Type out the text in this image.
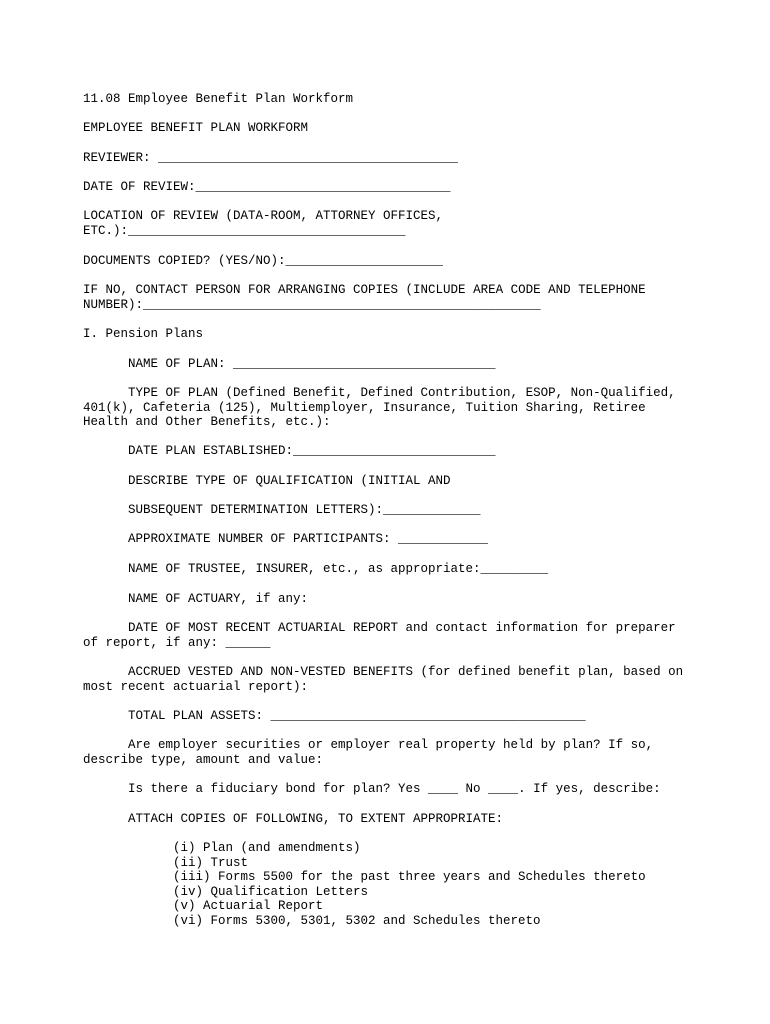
11.08 Employee Benefit Plan Workform

EMPLOYEE BENEFIT PLAN WORKFORM

REVIEWER: ________________________________________

DATE OF REVIEW:__________________________________

LOCATION OF REVIEW (DATA-ROOM, ATTORNEY OFFICES,

ETC.):_____________________________________

DOCUMENTS COPIED? (YES/NO):_____________________

IF NO, CONTACT PERSON FOR ARRANGING COPIES (INCLUDE AREA CODE AND TELEPHONE

NUMBER):_____________________________________________________

I. Pension Plans

NAME OF PLAN: ___________________________________

TYPE OF PLAN (Defined Benefit, Defined Contribution, ESOP, Non-Qualified,

401(k), Cafeteria (125), Multiemployer, Insurance, Tuition Sharing, Retiree

Health and Other Benefits, etc.):

DATE PLAN ESTABLISHED:___________________________

DESCRIBE TYPE OF QUALIFICATION (INITIAL AND

SUBSEQUENT DETERMINATION LETTERS):_____________

APPROXIMATE NUMBER OF PARTICIPANTS: ____________

NAME OF TRUSTEE, INSURER, etc., as appropriate:_________

NAME OF ACTUARY, if any:

DATE OF MOST RECENT ACTUARIAL REPORT and contact information for preparer

of report, if any: ______

ACCRUED VESTED AND NON-VESTED BENEFITS (for defined benefit plan, based on

most recent actuarial report):

TOTAL PLAN ASSETS: __________________________________________

Are employer securities or employer real property held by plan? If so,

describe type, amount and value:

Is there a fiduciary bond for plan? Yes ____ No ____. If yes, describe:

ATTACH COPIES OF FOLLOWING, TO EXTENT APPROPRIATE:

(i) Plan (and amendments)

(ii) Trust

(iii) Forms 5500 for the past three years and Schedules thereto

(iv) Qualification Letters

(v) Actuarial Report

(vi) Forms 5300, 5301, 5302 and Schedules thereto
